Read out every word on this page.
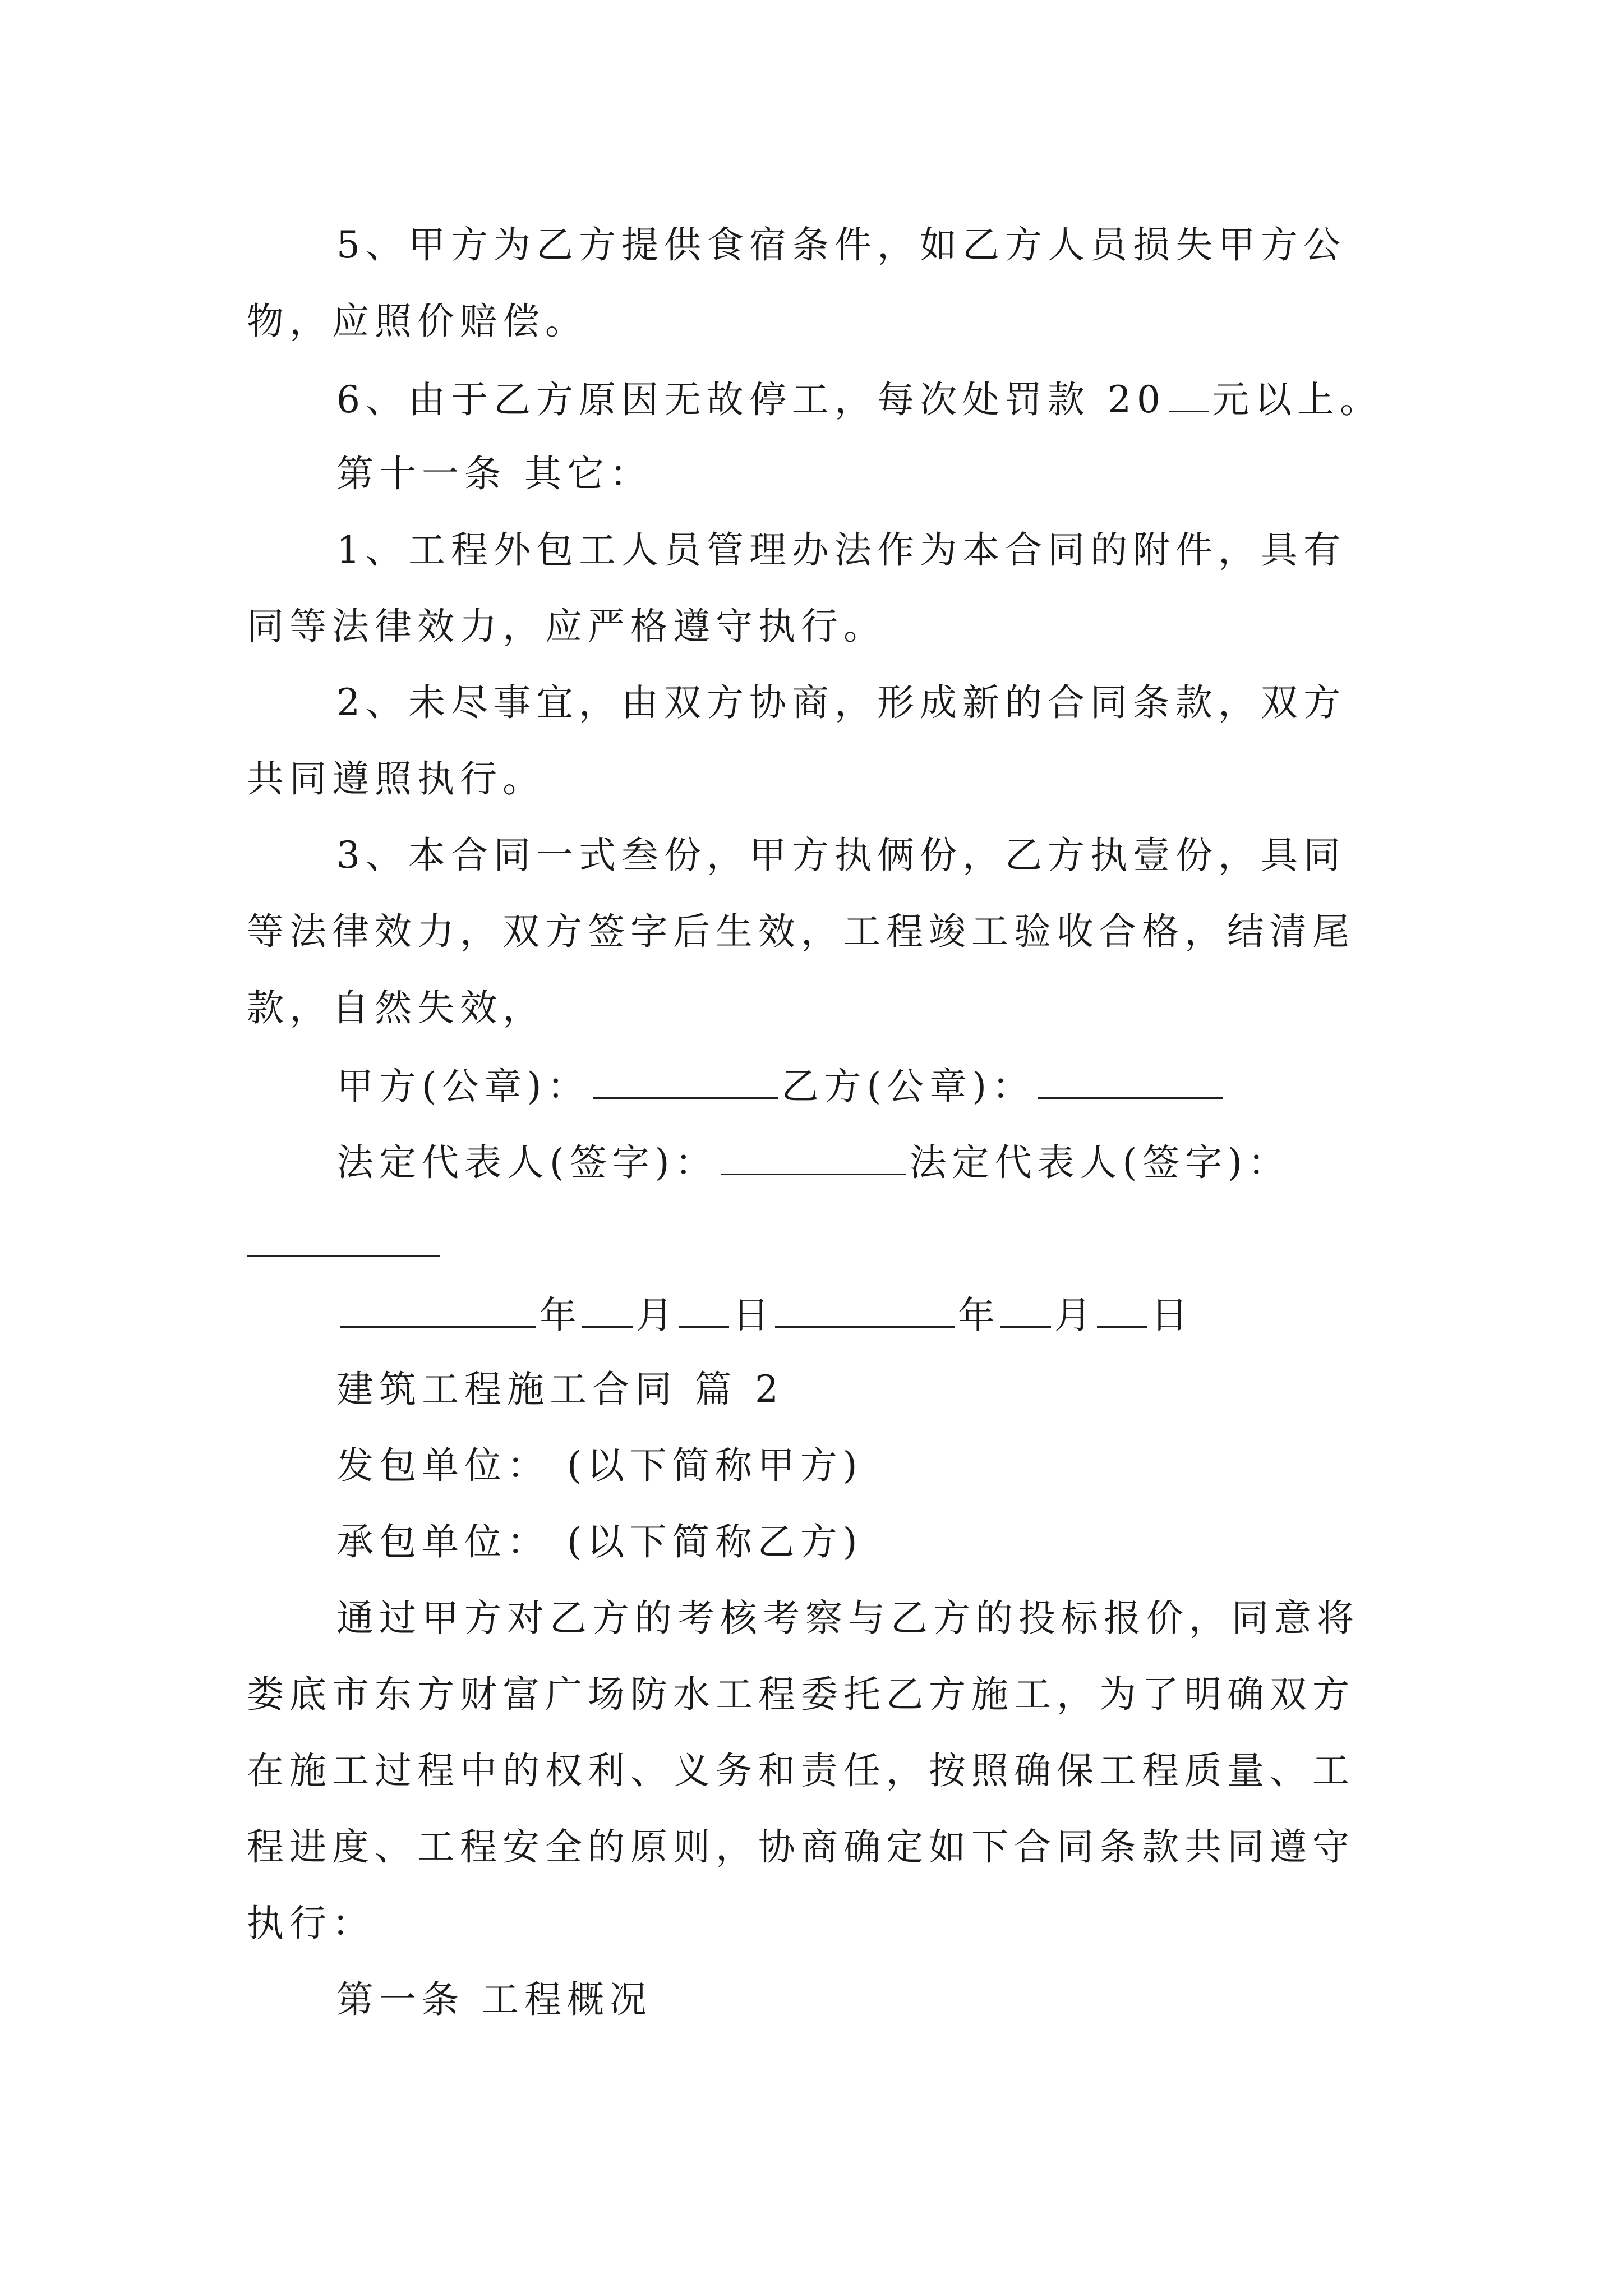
5、甲方为乙方提供食宿条件，如乙方人员损失甲方公
物，应照价赔偿。
6、由于乙方原因无故停工，每次处罚款 20 元以上。
第十一条 其它：
1、工程外包工人员管理办法作为本合同的附件，具有
同等法律效力，应严格遵守执行。
2、未尽事宜，由双方协商，形成新的合同条款，双方
共同遵照执行。
3、本合同一式叁份，甲方执俩份，乙方执壹份，具同
等法律效力，双方签字后生效，工程竣工验收合格，结清尾
款，自然失效，
甲方(公章)：	乙方(公章)：
法定代表人(签字)：	法定代表人(签字)：
年 月 日	年 月 日
建筑工程施工合同 篇 2
发包单位： (以下简称甲方)
承包单位： (以下简称乙方)
通过甲方对乙方的考核考察与乙方的投标报价，同意将
娄底市东方财富广场防水工程委托乙方施工，为了明确双方
在施工过程中的权利、义务和责任，按照确保工程质量、工
程进度、工程安全的原则，协商确定如下合同条款共同遵守
执行：
第一条 工程概况
